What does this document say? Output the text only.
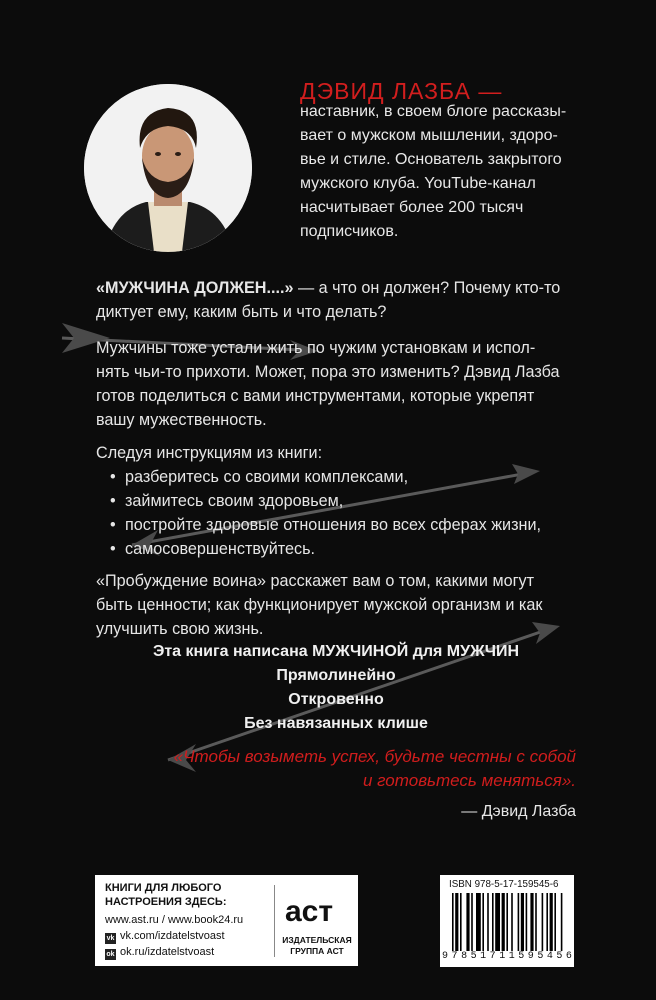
ДЭВИД ЛАЗБА —
наставник, в своем блоге рассказы-
вает о мужском мышлении, здоро-
вье и стиле. Основатель закрытого
мужского клуба. YouTube-канал
насчитывает более 200 тысяч
подписчиков.
«МУЖЧИНА ДОЛЖЕН....» — а что он должен? Почему кто-то
диктует ему, каким быть и что делать?
Мужчины тоже устали жить по чужим установкам и испол-
нять чьи-то прихоти. Может, пора это изменить? Дэвид Лазба
готов поделиться с вами инструментами, которые укрепят
вашу мужественность.
Следуя инструкциям из книги:
• разберитесь со своими комплексами,
• займитесь своим здоровьем,
• постройте здоровые отношения во всех сферах жизни,
• самосовершенствуйтесь.
«Пробуждение воина» расскажет вам о том, какими могут
быть ценности; как функционирует мужской организм и как
улучшить свою жизнь.
Эта книга написана МУЖЧИНОЙ для МУЖЧИН
Прямолинейно
Откровенно
Без навязанных клише
«Чтобы возыметь успех, будьте честны с собой
и готовьтесь меняться».
— Дэвид Лазба
КНИГИ ДЛЯ ЛЮБОГО
НАСТРОЕНИЯ ЗДЕСЬ:
www.ast.ru / www.book24.ru
vk vk.com/izdatelstvoast
ok ok.ru/izdatelstvoast
аст
ИЗДАТЕЛЬСКАЯ
ГРУППА АСТ
ISBN 978-5-17-159545-6
9 7 8 5 1 7 1 1 5 9 5 4 5 6
